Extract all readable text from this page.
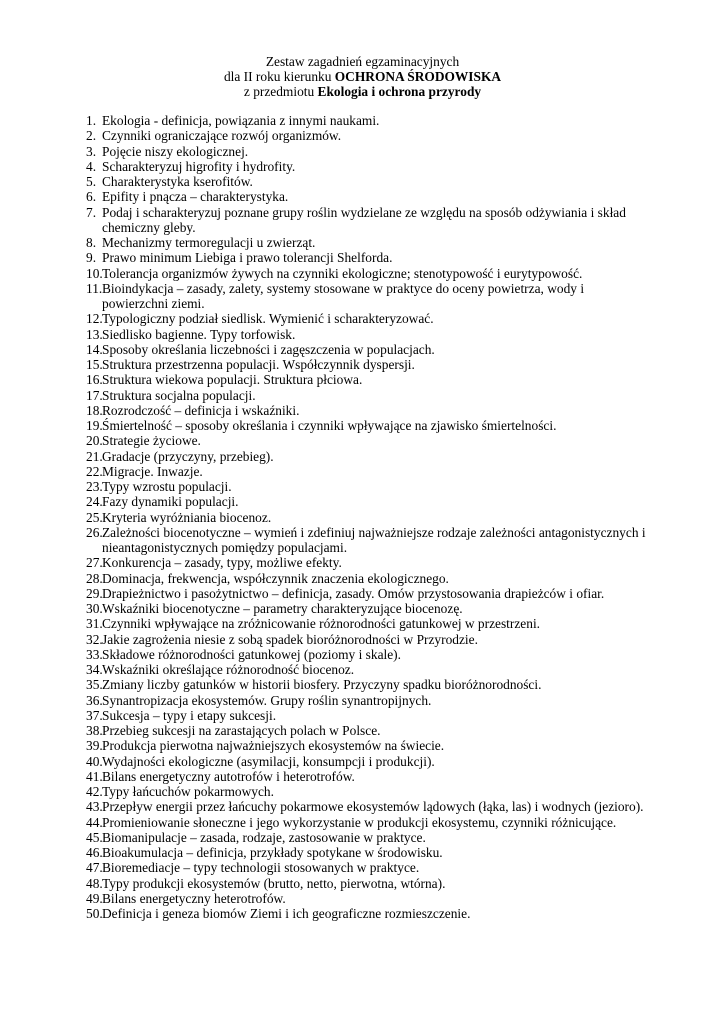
Zestaw zagadnień egzaminacyjnych
dla II roku kierunku OCHRONA ŚRODOWISKA
z przedmiotu Ekologia i ochrona przyrody
1. Ekologia - definicja, powiązania z innymi naukami.
2. Czynniki ograniczające rozwój organizmów.
3. Pojęcie niszy ekologicznej.
4. Scharakteryzuj higrofity i hydrofity.
5. Charakterystyka kserofitów.
6. Epifity i pnącza – charakterystyka.
7. Podaj i scharakteryzuj poznane grupy roślin wydzielane ze względu na sposób odżywiania i skład chemiczny gleby.
8. Mechanizmy termoregulacji u zwierząt.
9. Prawo minimum Liebiga i prawo tolerancji Shelforda.
10. Tolerancja organizmów żywych na czynniki ekologiczne; stenotypowość i eurytypowość.
11. Bioindykacja – zasady, zalety, systemy stosowane w praktyce do oceny powietrza, wody i powierzchni ziemi.
12. Typologiczny podział siedlisk. Wymienić i scharakteryzować.
13. Siedlisko bagienne. Typy torfowisk.
14. Sposoby określania liczebności i zagęszczenia w populacjach.
15. Struktura przestrzenna populacji. Współczynnik dyspersji.
16. Struktura wiekowa populacji. Struktura płciowa.
17. Struktura socjalna populacji.
18. Rozrodczość – definicja i wskaźniki.
19. Śmiertelność – sposoby określania i czynniki wpływające na zjawisko śmiertelności.
20. Strategie życiowe.
21. Gradacje (przyczyny, przebieg).
22. Migracje. Inwazje.
23. Typy wzrostu populacji.
24. Fazy dynamiki populacji.
25. Kryteria wyróżniania biocenoz.
26. Zależności biocenotyczne – wymień i zdefiniuj najważniejsze rodzaje zależności antagonistycznych i nieantagonistycznych pomiędzy populacjami.
27. Konkurencja – zasady, typy, możliwe efekty.
28. Dominacja, frekwencja, współczynnik znaczenia ekologicznego.
29. Drapieżnictwo i pasożytnictwo – definicja, zasady. Omów przystosowania drapieżców i ofiar.
30. Wskaźniki biocenotyczne – parametry charakteryzujące biocenozę.
31. Czynniki wpływające na zróżnicowanie różnorodności gatunkowej w przestrzeni.
32. Jakie zagrożenia niesie z sobą spadek bioróżnorodności w Przyrodzie.
33. Składowe różnorodności gatunkowej (poziomy i skale).
34. Wskaźniki określające różnorodność biocenoz.
35. Zmiany liczby gatunków w historii biosfery. Przyczyny spadku bioróżnorodności.
36. Synantropizacja ekosystemów. Grupy roślin synantropijnych.
37. Sukcesja – typy i etapy sukcesji.
38. Przebieg sukcesji na zarastających polach w Polsce.
39. Produkcja pierwotna najważniejszych ekosystemów na świecie.
40. Wydajności ekologiczne (asymilacji, konsumpcji i produkcji).
41. Bilans energetyczny autotrofów i heterotrofów.
42. Typy łańcuchów pokarmowych.
43. Przepływ energii przez łańcuchy pokarmowe ekosystemów lądowych (łąka, las) i wodnych (jezioro).
44. Promieniowanie słoneczne i jego wykorzystanie w produkcji ekosystemu, czynniki różnicujące.
45. Biomanipulacje – zasada, rodzaje, zastosowanie w praktyce.
46. Bioakumulacja – definicja, przykłady spotykane w środowisku.
47. Bioremediacje – typy technologii stosowanych w praktyce.
48. Typy produkcji ekosystemów (brutto, netto, pierwotna, wtórna).
49. Bilans energetyczny heterotrofów.
50. Definicja i geneza biomów Ziemi i ich geograficzne rozmieszczenie.
